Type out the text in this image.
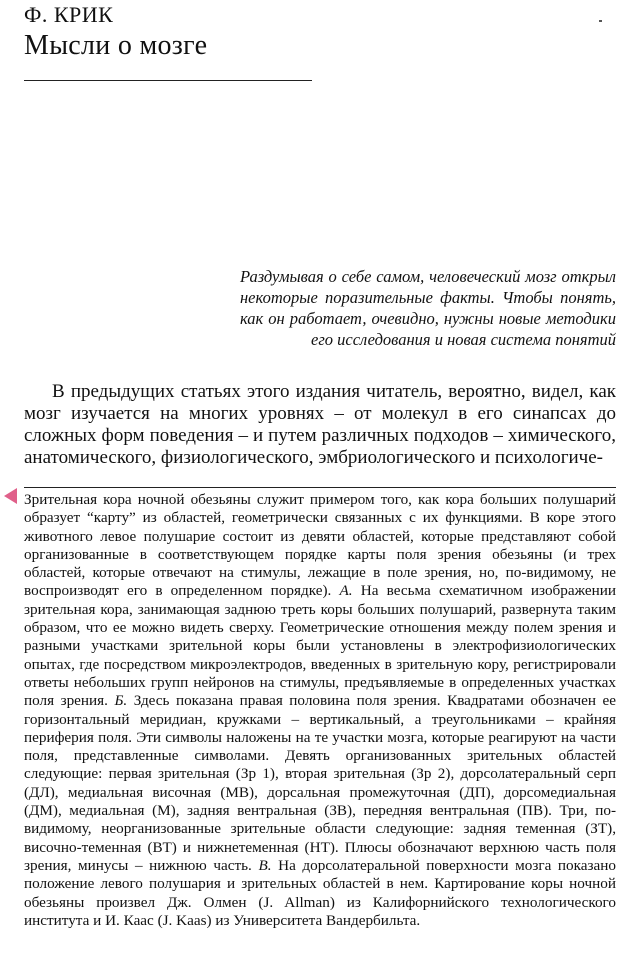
Ф. КРИК
Мысли о мозге
Раздумывая о себе самом, человеческий мозг открыл некоторые поразительные факты. Чтобы понять, как он работает, очевидно, нужны новые методики его исследования и новая система понятий
В предыдущих статьях этого издания читатель, вероятно, видел, как мозг изучается на многих уровнях – от молекул в его синапсах до сложных форм поведения – и путем различных подходов – химического, анатомического, физиологического, эмбриологического и психологиче-
Зрительная кора ночной обезьяны служит примером того, как кора больших полушарий образует “карту” из областей, геометрически связанных с их функциями. В коре этого животного левое полушарие состоит из девяти областей, которые представляют собой организованные в соответствующем порядке карты поля зрения обезьяны (и трех областей, которые отвечают на стимулы, лежащие в поле зрения, но, по-видимому, не воспроизводят его в определенном порядке). А. На весьма схематичном изображении зрительная кора, занимающая заднюю треть коры больших полушарий, развернута таким образом, что ее можно видеть сверху. Геометрические отношения между полем зрения и разными участками зрительной коры были установлены в электрофизиологических опытах, где посредством микроэлектродов, введенных в зрительную кору, регистрировали ответы небольших групп нейронов на стимулы, предъявляемые в определенных участках поля зрения. Б. Здесь показана правая половина поля зрения. Квадратами обозначен ее горизонтальный меридиан, кружками – вертикальный, а треугольниками – крайняя периферия поля. Эти символы наложены на те участки мозга, которые реагируют на части поля, представленные символами. Девять организованных зрительных областей следующие: первая зрительная (Зр 1), вторая зрительная (Зр 2), дорсолатеральный серп (ДЛ), медиальная височная (МВ), дорсальная промежуточная (ДП), дорсомедиальная (ДМ), медиальная (М), задняя вентральная (ЗВ), передняя вентральная (ПВ). Три, по-видимому, неорганизованные зрительные области следующие: задняя теменная (ЗТ), височно-теменная (ВТ) и нижнетеменная (НТ). Плюсы обозначают верхнюю часть поля зрения, минусы – нижнюю часть. В. На дорсолатеральной поверхности мозга показано положение левого полушария и зрительных областей в нем. Картирование коры ночной обезьяны произвел Дж. Олмен (J. Allman) из Калифорнийского технологического института и И. Каас (J. Kaas) из Университета Вандербильта.
